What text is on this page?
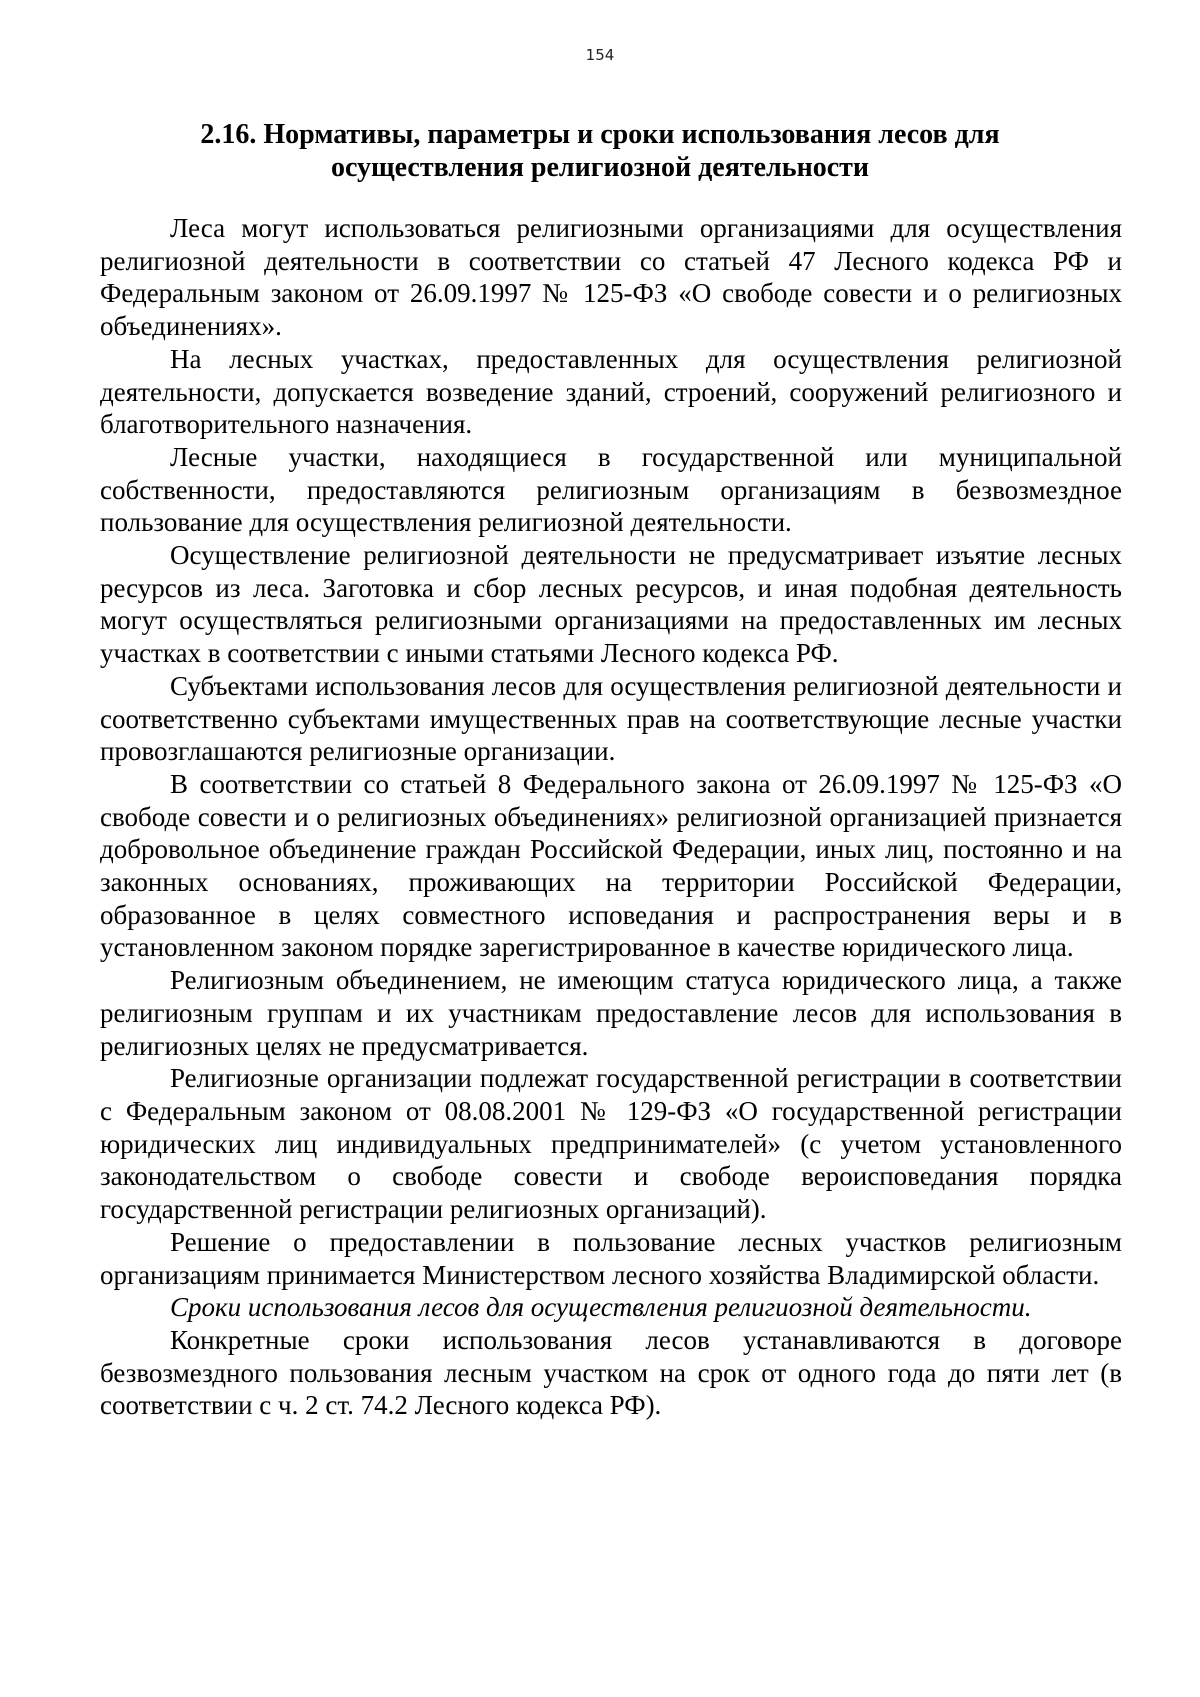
154
2.16. Нормативы, параметры и сроки использования лесов для
осуществления религиозной деятельности

Леса могут использоваться религиозными организациями для осуществления религиозной деятельности в соответствии со статьей 47 Лесного кодекса РФ и Федеральным законом от 26.09.1997 № 125-ФЗ «О свободе совести и о религиозных объединениях».

На лесных участках, предоставленных для осуществления религиозной деятельности, допускается возведение зданий, строений, сооружений религиозного и благотворительного назначения.

Лесные участки, находящиеся в государственной или муниципальной собственности, предоставляются религиозным организациям в безвозмездное пользование для осуществления религиозной деятельности.

Осуществление религиозной деятельности не предусматривает изъятие лесных ресурсов из леса. Заготовка и сбор лесных ресурсов, и иная подобная деятельность могут осуществляться религиозными организациями на предоставленных им лесных участках в соответствии с иными статьями Лесного кодекса РФ.

Субъектами использования лесов для осуществления религиозной деятельности и соответственно субъектами имущественных прав на соответствующие лесные участки провозглашаются религиозные организации.

В соответствии со статьей 8 Федерального закона от 26.09.1997 № 125-ФЗ «О свободе совести и о религиозных объединениях» религиозной организацией признается добровольное объединение граждан Российской Федерации, иных лиц, постоянно и на законных основаниях, проживающих на территории Российской Федерации, образованное в целях совместного исповедания и распространения веры и в установленном законом порядке зарегистрированное в качестве юридического лица.

Религиозным объединением, не имеющим статуса юридического лица, а также религиозным группам и их участникам предоставление лесов для использования в религиозных целях не предусматривается.

Религиозные организации подлежат государственной регистрации в соответствии с Федеральным законом от 08.08.2001 № 129-ФЗ «О государственной регистрации юридических лиц индивидуальных предпринимателей» (с учетом установленного законодательством о свободе совести и свободе вероисповедания порядка государственной регистрации религиозных организаций).

Решение о предоставлении в пользование лесных участков религиозным организациям принимается Министерством лесного хозяйства Владимирской области.

Сроки использования лесов для осуществления религиозной деятельности.

Конкретные сроки использования лесов устанавливаются в договоре безвозмездного пользования лесным участком на срок от одного года до пяти лет (в соответствии с ч. 2 ст. 74.2 Лесного кодекса РФ).
